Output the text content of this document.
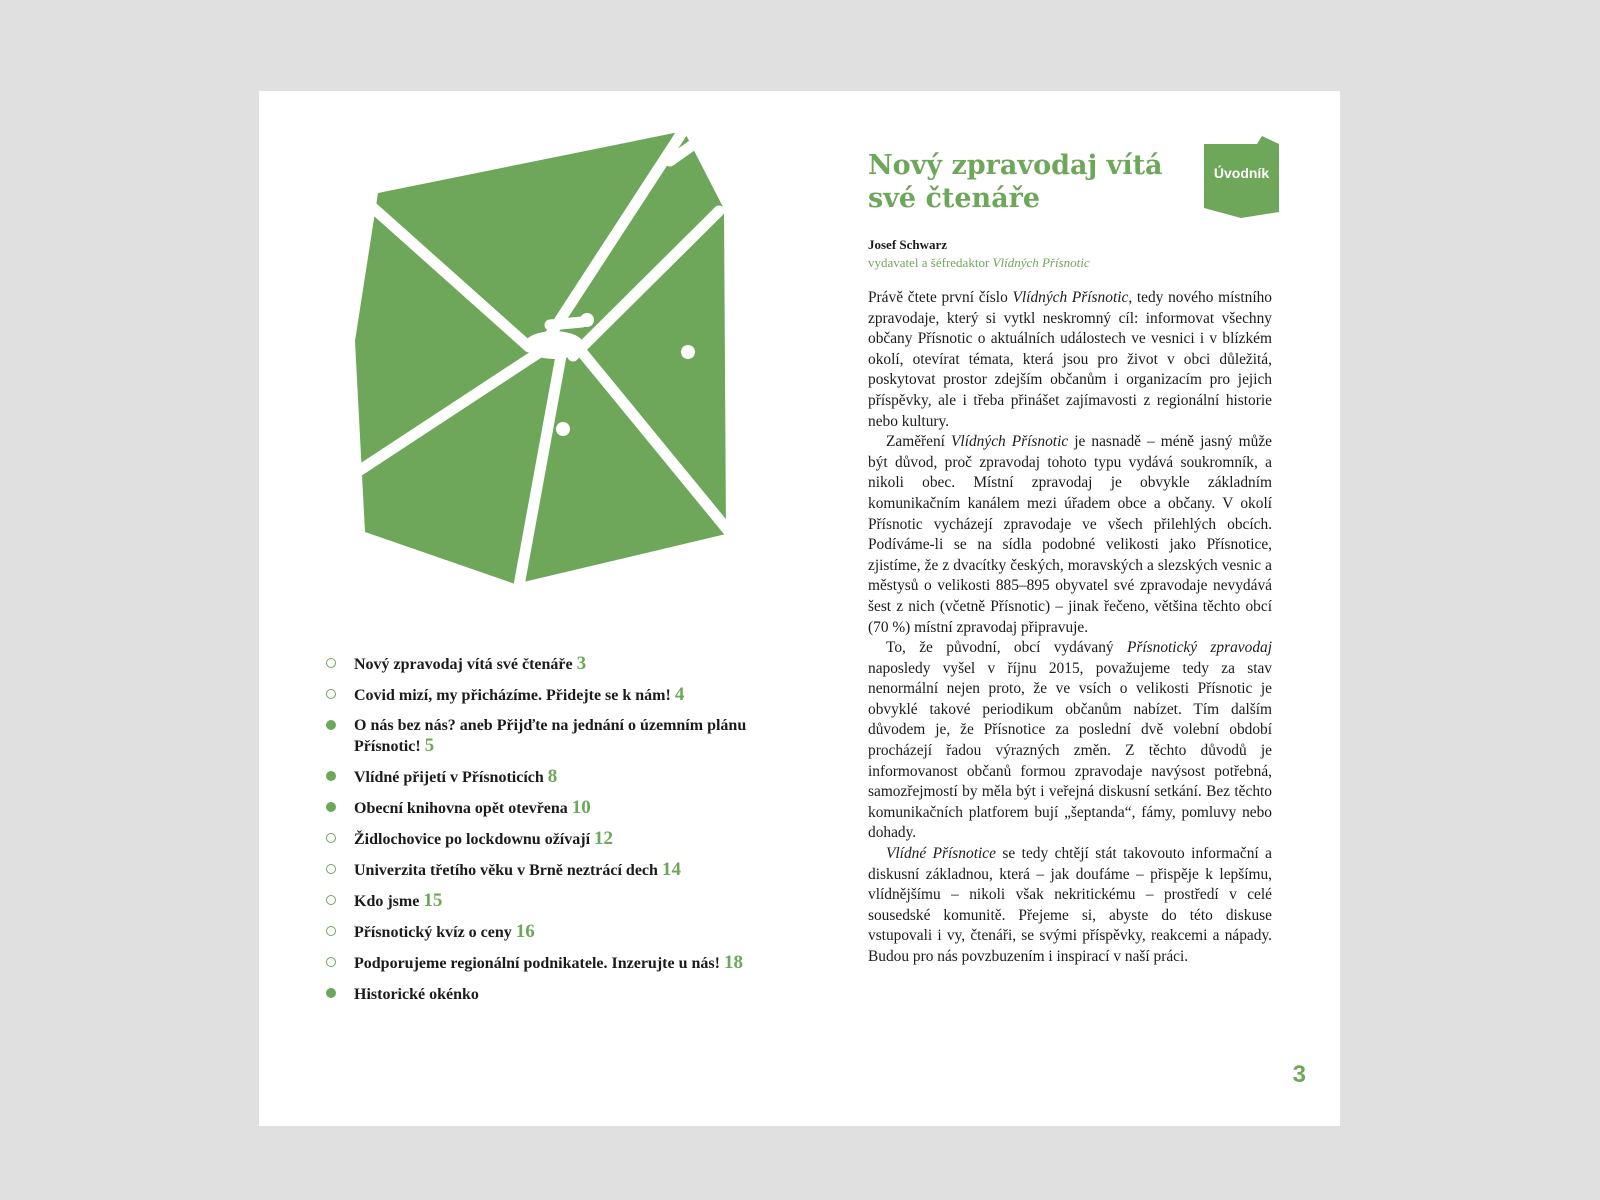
Nový zpravodaj vítá své čtenáře 3
Covid mizí, my přicházíme. Přidejte se k nám! 4
O nás bez nás? aneb Přijďte na jednání o územním plánu Přísnotic! 5
Vlídné přijetí v Přísnoticích 8
Obecní knihovna opět otevřena 10
Židlochovice po lockdownu ožívají 12
Univerzita třetího věku v Brně neztrácí dech 14
Kdo jsme 15
Přísnotický kvíz o ceny 16
Podporujeme regionální podnikatele. Inzerujte u nás! 18
Historické okénko
Nový zpravodaj vítá své čtenáře
Úvodník
Josef Schwarz
vydavatel a šéfredaktor Vlídných Přísnotic

Právě čtete první číslo Vlídných Přísnotic, tedy nového místního zpravodaje, který si vytkl neskromný cíl: informovat všechny občany Přísnotic o aktuálních událostech ve vesnici i v blízkém okolí, otevírat témata, která jsou pro život v obci důležitá, poskytovat prostor zdejším občanům i organizacím pro jejich příspěvky, ale i třeba přinášet zajímavosti z regionální historie nebo kultury.

Zaměření Vlídných Přísnotic je nasnadě – méně jasný může být důvod, proč zpravodaj tohoto typu vydává soukromník, a nikoli obec. Místní zpravodaj je obvykle základním komunikačním kanálem mezi úřadem obce a občany. V okolí Přísnotic vycházejí zpravodaje ve všech přilehlých obcích. Podíváme-li se na sídla podobné velikosti jako Přísnotice, zjistíme, že z dvacítky českých, moravských a slezských vesnic a městysů o velikosti 885–895 obyvatel své zpravodaje nevydává šest z nich (včetně Přísnotic) – jinak řečeno, většina těchto obcí (70 %) místní zpravodaj připravuje.

To, že původní, obcí vydávaný Přísnotický zpravodaj naposledy vyšel v říjnu 2015, považujeme tedy za stav nenormální nejen proto, že ve vsích o velikosti Přísnotic je obvyklé takové periodikum občanům nabízet. Tím dalším důvodem je, že Přísnotice za poslední dvě volební období procházejí řadou výrazných změn. Z těchto důvodů je informovanost občanů formou zpravodaje navýsost potřebná, samozřejmostí by měla být i veřejná diskusní setkání. Bez těchto komunikačních platforem bují „šeptanda“, fámy, pomluvy nebo dohady.

Vlídné Přísnotice se tedy chtějí stát takovouto informační a diskusní základnou, která – jak doufáme – přispěje k lepšímu, vlídnějšímu – nikoli však nekritickému – prostředí v celé sousedské komunitě. Přejeme si, abyste do této diskuse vstupovali i vy, čtenáři, se svými příspěvky, reakcemi a nápady. Budou pro nás povzbuzením i inspirací v naší práci.

3
